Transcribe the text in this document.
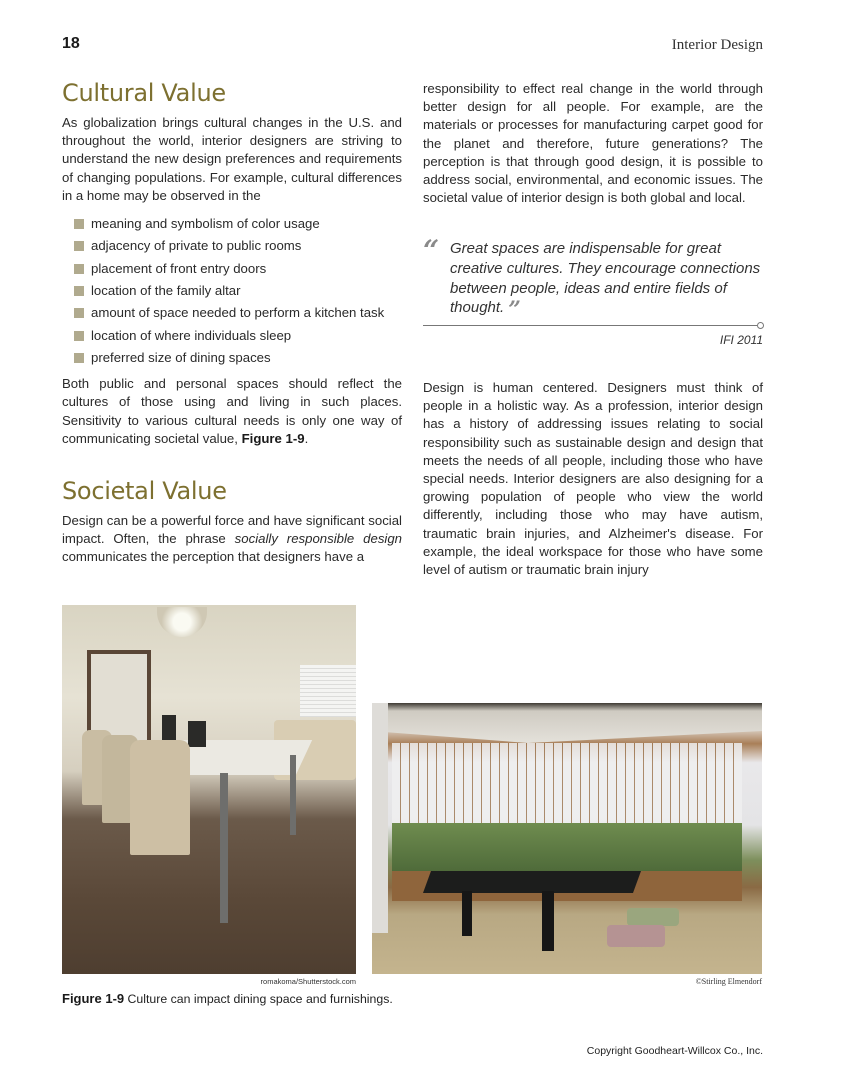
18	Interior Design
Cultural Value

As globalization brings cultural changes in the U.S. and throughout the world, interior designers are striving to understand the new design preferences and requirements of changing populations. For example, cultural differences in a home may be observed in the

meaning and symbolism of color usage
adjacency of private to public rooms
placement of front entry doors
location of the family altar
amount of space needed to perform a kitchen task
location of where individuals sleep
preferred size of dining spaces

Both public and personal spaces should reflect the cultures of those using and living in such places. Sensitivity to various cultural needs is only one way of communicating societal value, Figure 1-9.

Societal Value

Design can be a powerful force and have significant social impact. Often, the phrase socially responsible design communicates the perception that designers have a

responsibility to effect real change in the world through better design for all people. For example, are the materials or processes for manufacturing carpet good for the planet and therefore, future generations? The perception is that through good design, it is possible to address social, environmental, and economic issues. The societal value of interior design is both global and local.

“ Great spaces are indispensable for great creative cultures. They encourage connections between people, ideas and entire fields of thought. ”
IFI 2011

Design is human centered. Designers must think of people in a holistic way. As a profession, interior design has a history of addressing issues relating to social responsibility such as sustainable design and design that meets the needs of all people, including those who have special needs. Interior designers are also designing for a growing population of people who view the world differently, including those who may have autism, traumatic brain injuries, and Alzheimer's disease. For example, the ideal workspace for those who have some level of autism or traumatic brain injury

romakoma/Shutterstock.com	©Stirling Elmendorf
Figure 1-9 Culture can impact dining space and furnishings.
Copyright Goodheart-Willcox Co., Inc.
